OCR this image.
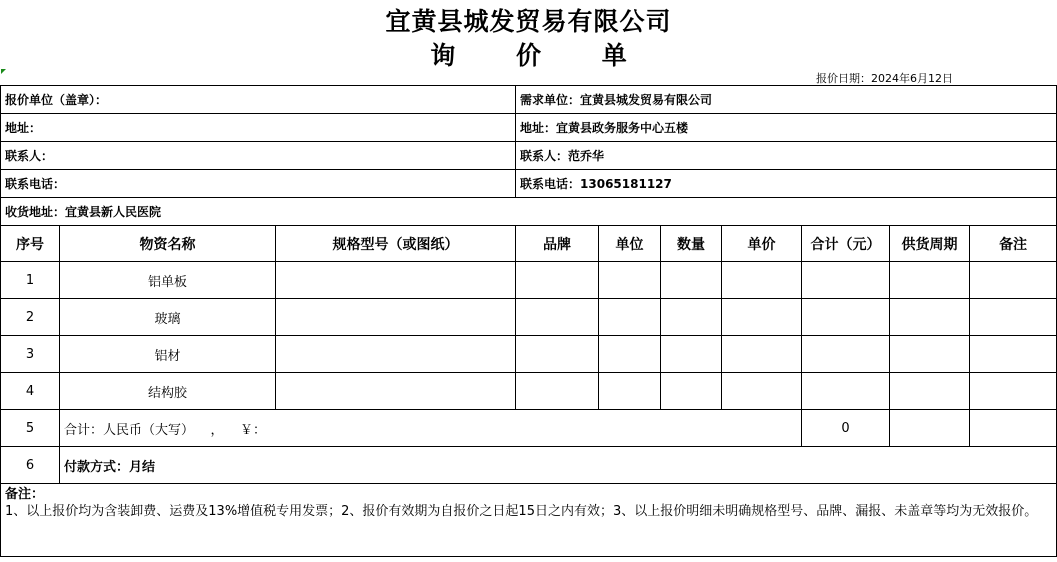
宜黄县城发贸易有限公司
询 价 单
报价日期：2024年6月12日
报价单位（盖章）：			需求单位：宜黄县城发贸易有限公司						
地址：			地址：宜黄县政务服务中心五楼						
联系人：			联系人：范乔华						
联系电话：			联系电话：13065181127						
收货地址：宜黄县新人民医院									
序号	物资名称	规格型号（或图纸）	品牌	单位	数量	单价	合计（元）	供货周期	备注
1	铝单板								
2	玻璃								
3	铝材								
4	结构胶								
5	合计：人民币（大写）    ，    ￥：						0		
6	付款方式：月结								

备注：
1、以上报价均为含装卸费、运费及13%增值税专用发票；2、报价有效期为自报价之日起15日之内有效；3、以上报价明细未明确规格型号、品牌、漏报、未盖章等均为无效报价。									
